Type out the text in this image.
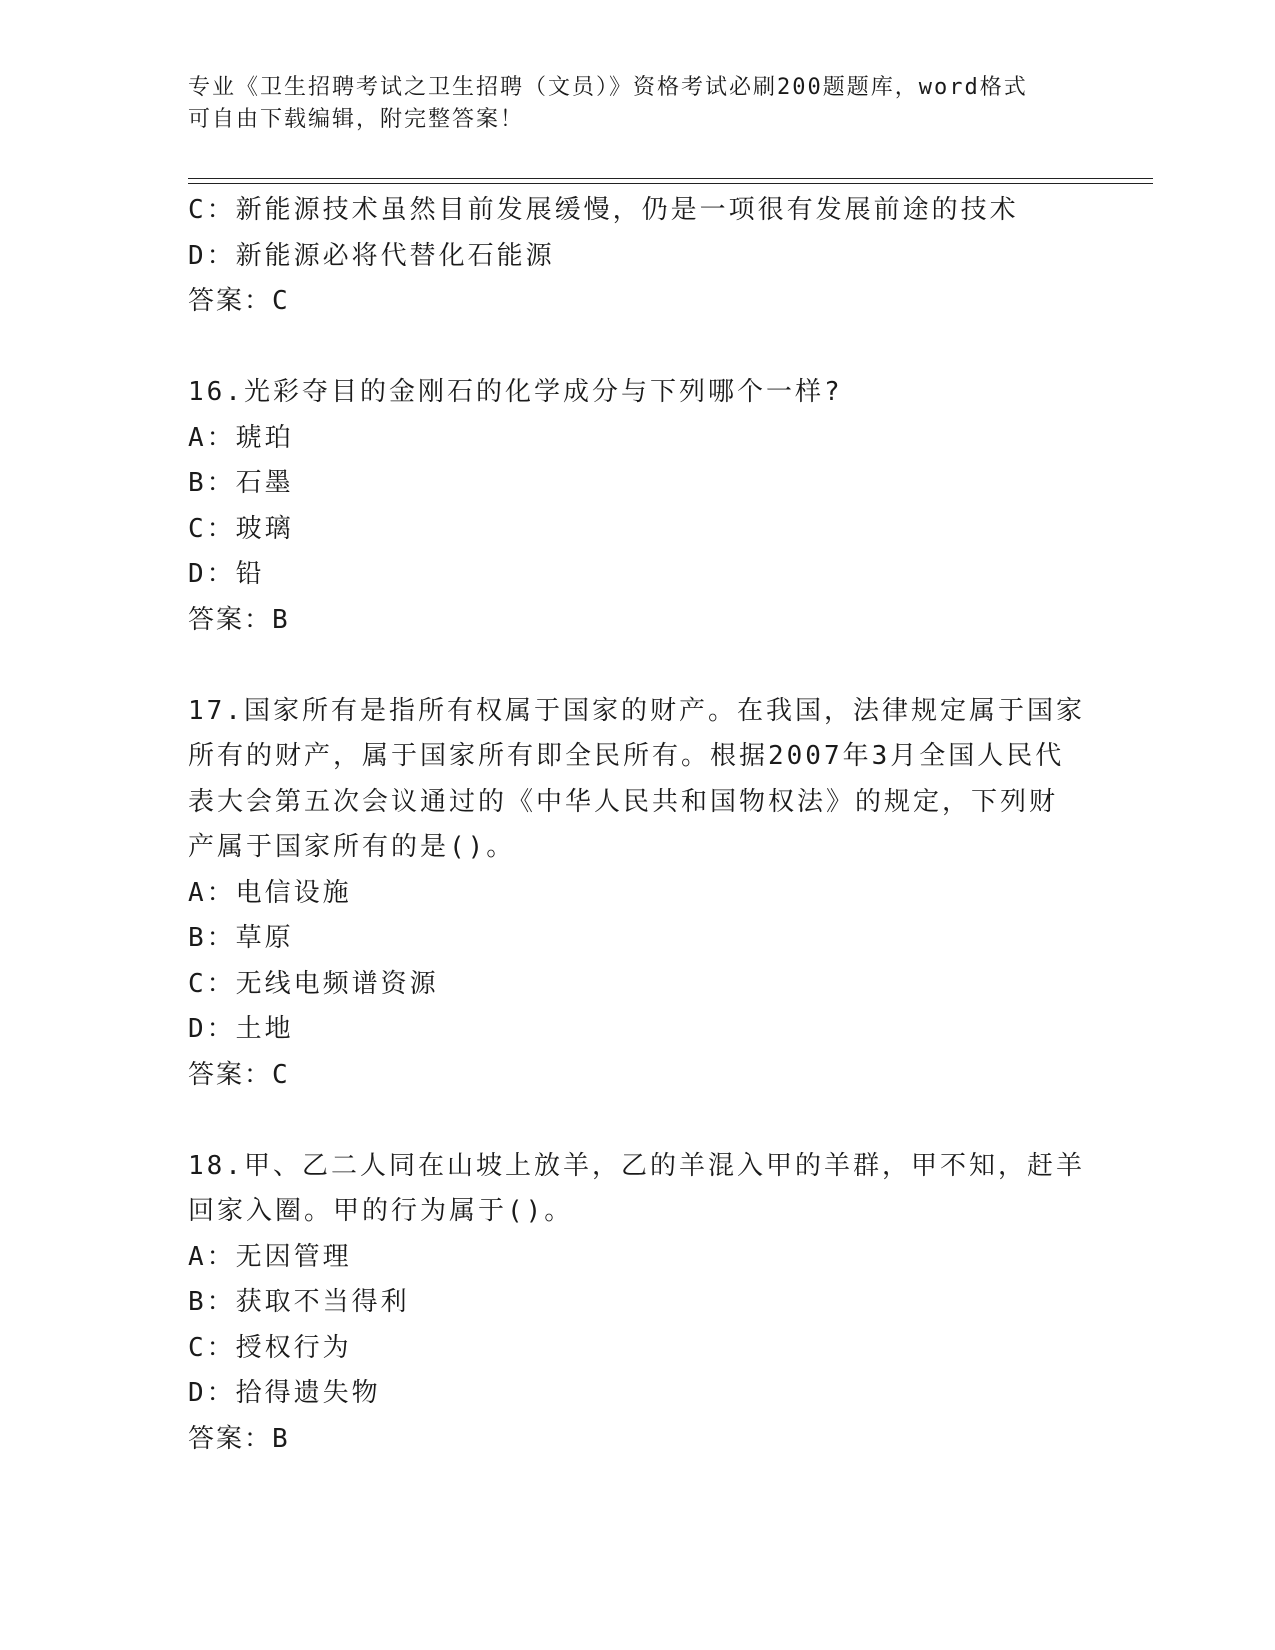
专业《卫生招聘考试之卫生招聘（文员）》资格考试必刷200题题库，word格式
可自由下载编辑，附完整答案！
C：新能源技术虽然目前发展缓慢，仍是一项很有发展前途的技术
D：新能源必将代替化石能源
答案：C
16.光彩夺目的金刚石的化学成分与下列哪个一样?
A：琥珀
B：石墨
C：玻璃
D：铅
答案：B
17.国家所有是指所有权属于国家的财产。在我国，法律规定属于国家
所有的财产，属于国家所有即全民所有。根据2007年3月全国人民代
表大会第五次会议通过的《中华人民共和国物权法》的规定，下列财
产属于国家所有的是()。
A：电信设施
B：草原
C：无线电频谱资源
D：土地
答案：C
18.甲、乙二人同在山坡上放羊，乙的羊混入甲的羊群，甲不知，赶羊
回家入圈。甲的行为属于()。
A：无因管理
B：获取不当得利
C：授权行为
D：拾得遗失物
答案：B
